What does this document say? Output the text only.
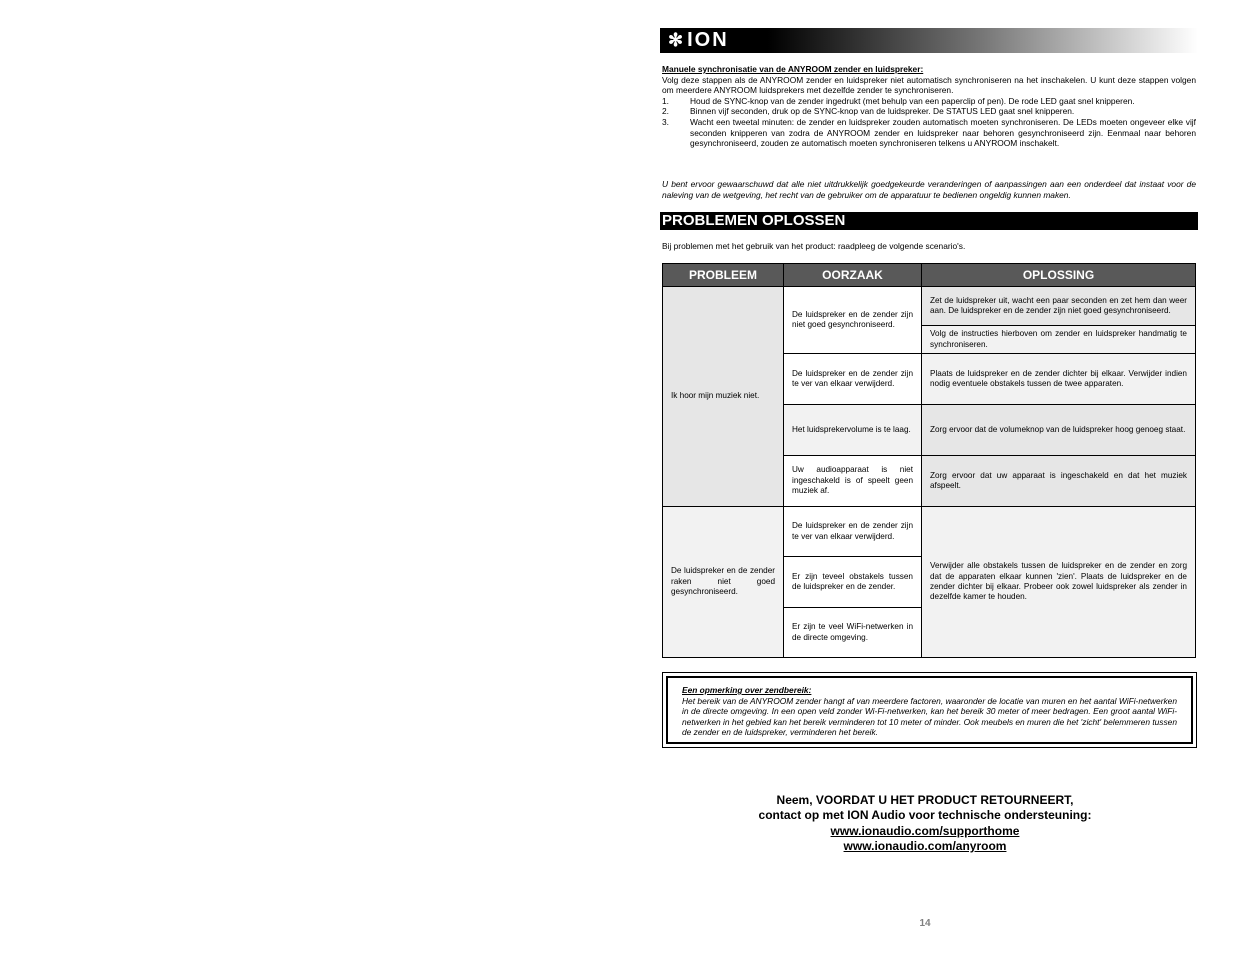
✻ ION
Manuele synchronisatie van de ANYROOM zender en luidspreker:

Volg deze stappen als de ANYROOM zender en luidspreker niet automatisch synchroniseren na het inschakelen. U kunt deze stappen volgen om meerdere ANYROOM luidsprekers met dezelfde zender te synchroniseren.

1.	Houd de SYNC-knop van de zender ingedrukt (met behulp van een paperclip of pen). De rode LED gaat snel knipperen.
2.	Binnen vijf seconden, druk op de SYNC-knop van de luidspreker. De STATUS LED gaat snel knipperen.
3.	Wacht een tweetal minuten: de zender en luidspreker zouden automatisch moeten synchroniseren. De LEDs moeten ongeveer elke vijf seconden knipperen van zodra de ANYROOM zender en luidspreker naar behoren gesynchroniseerd zijn. Eenmaal naar behoren gesynchroniseerd, zouden ze automatisch moeten synchroniseren telkens u ANYROOM inschakelt.

U bent ervoor gewaarschuwd dat alle niet uitdrukkelijk goedgekeurde veranderingen of aanpassingen aan een onderdeel dat instaat voor de naleving van de wetgeving, het recht van de gebruiker om de apparatuur te bedienen ongeldig kunnen maken.

PROBLEMEN OPLOSSEN

Bij problemen met het gebruik van het product: raadpleeg de volgende scenario's.

PROBLEEM	OORZAAK	OPLOSSING
Ik hoor mijn muziek niet.	De luidspreker en de zender zijn niet goed gesynchroniseerd.	Zet de luidspreker uit, wacht een paar seconden en zet hem dan weer aan. De luidspreker en de zender zijn niet goed gesynchroniseerd.
		Volg de instructies hierboven om zender en luidspreker handmatig te synchroniseren.
	De luidspreker en de zender zijn te ver van elkaar verwijderd.	Plaats de luidspreker en de zender dichter bij elkaar. Verwijder indien nodig eventuele obstakels tussen de twee apparaten.
	Het luidsprekervolume is te laag.	Zorg ervoor dat de volumeknop van de luidspreker hoog genoeg staat.
	Uw audioapparaat is niet ingeschakeld is of speelt geen muziek af.	Zorg ervoor dat uw apparaat is ingeschakeld en dat het muziek afspeelt.

De luidspreker en de zender raken niet goed gesynchroniseerd.	De luidspreker en de zender zijn te ver van elkaar verwijderd.	Verwijder alle obstakels tussen de luidspreker en de zender en zorg dat de apparaten elkaar kunnen 'zien'. Plaats de luidspreker en de zender dichter bij elkaar. Probeer ook zowel luidspreker als zender in dezelfde kamer te houden.
	Er zijn teveel obstakels tussen de luidspreker en de zender.	
	Er zijn te veel WiFi-netwerken in de directe omgeving.	
Een opmerking over zendbereik:

Het bereik van de ANYROOM zender hangt af van meerdere factoren, waaronder de locatie van muren en het aantal WiFi-netwerken in de directe omgeving. In een open veld zonder Wi-Fi-netwerken, kan het bereik 30 meter of meer bedragen. Een groot aantal WiFi-netwerken in het gebied kan het bereik verminderen tot 10 meter of minder. Ook meubels en muren die het 'zicht' belemmeren tussen de zender en de luidspreker, verminderen het bereik.

Neem, VOORDAT U HET PRODUCT RETOURNEERT,
contact op met ION Audio voor technische ondersteuning:
www.ionaudio.com/supporthome
www.ionaudio.com/anyroom
14
